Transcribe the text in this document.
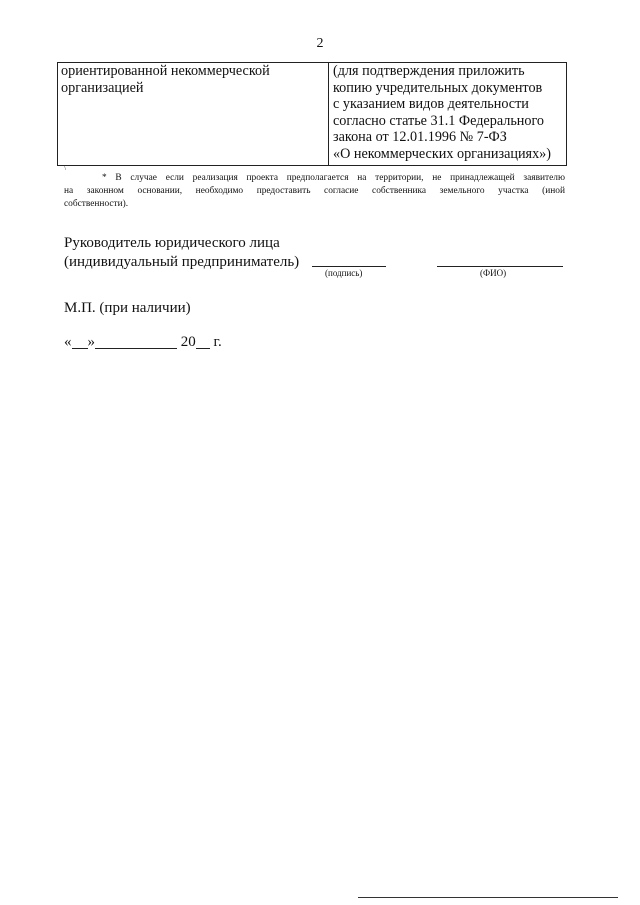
2
ориентированной некоммерческой
организацией
(для подтверждения приложить
копию учредительных документов
с указанием видов деятельности
согласно статье 31.1 Федерального
закона от 12.01.1996 № 7-ФЗ
«О некоммерческих организациях»)
\
* В случае если реализация проекта предполагается на территории, не принадлежащей заявителю
на законном основании, необходимо предоставить согласие собственника земельного участка (иной
собственности).
Руководитель юридического лица
(индивидуальный предприниматель)
(подпись)	(ФИО)
М.П. (при наличии)
« »	20 г.
